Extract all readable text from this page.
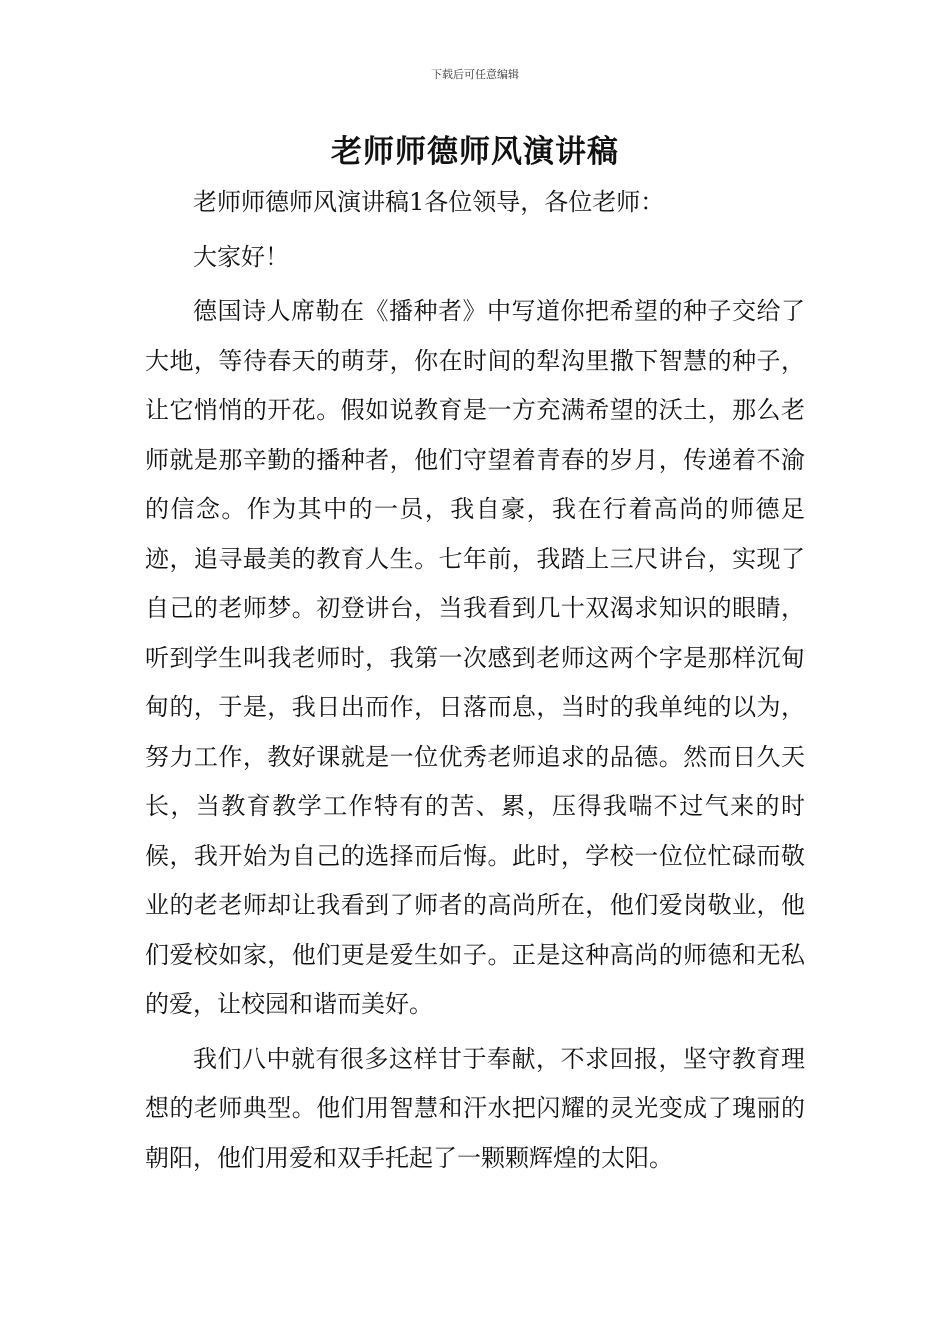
下载后可任意编辑
老师师德师风演讲稿

老师师德师风演讲稿1各位领导，各位老师：

大家好！

德国诗人席勒在《播种者》中写道你把希望的种子交给了大地，等待春天的萌芽，你在时间的犁沟里撒下智慧的种子，让它悄悄的开花。假如说教育是一方充满希望的沃土，那么老师就是那辛勤的播种者，他们守望着青春的岁月，传递着不渝的信念。作为其中的一员，我自豪，我在行着高尚的师德足迹，追寻最美的教育人生。七年前，我踏上三尺讲台，实现了自己的老师梦。初登讲台，当我看到几十双渴求知识的眼睛，听到学生叫我老师时，我第一次感到老师这两个字是那样沉甸甸的，于是，我日出而作，日落而息，当时的我单纯的以为，努力工作，教好课就是一位优秀老师追求的品德。然而日久天长，当教育教学工作特有的苦、累，压得我喘不过气来的时候，我开始为自己的选择而后悔。此时，学校一位位忙碌而敬业的老老师却让我看到了师者的高尚所在，他们爱岗敬业，他们爱校如家，他们更是爱生如子。正是这种高尚的师德和无私的爱，让校园和谐而美好。

我们八中就有很多这样甘于奉献，不求回报，坚守教育理想的老师典型。他们用智慧和汗水把闪耀的灵光变成了瑰丽的朝阳，他们用爱和双手托起了一颗颗辉煌的太阳。
